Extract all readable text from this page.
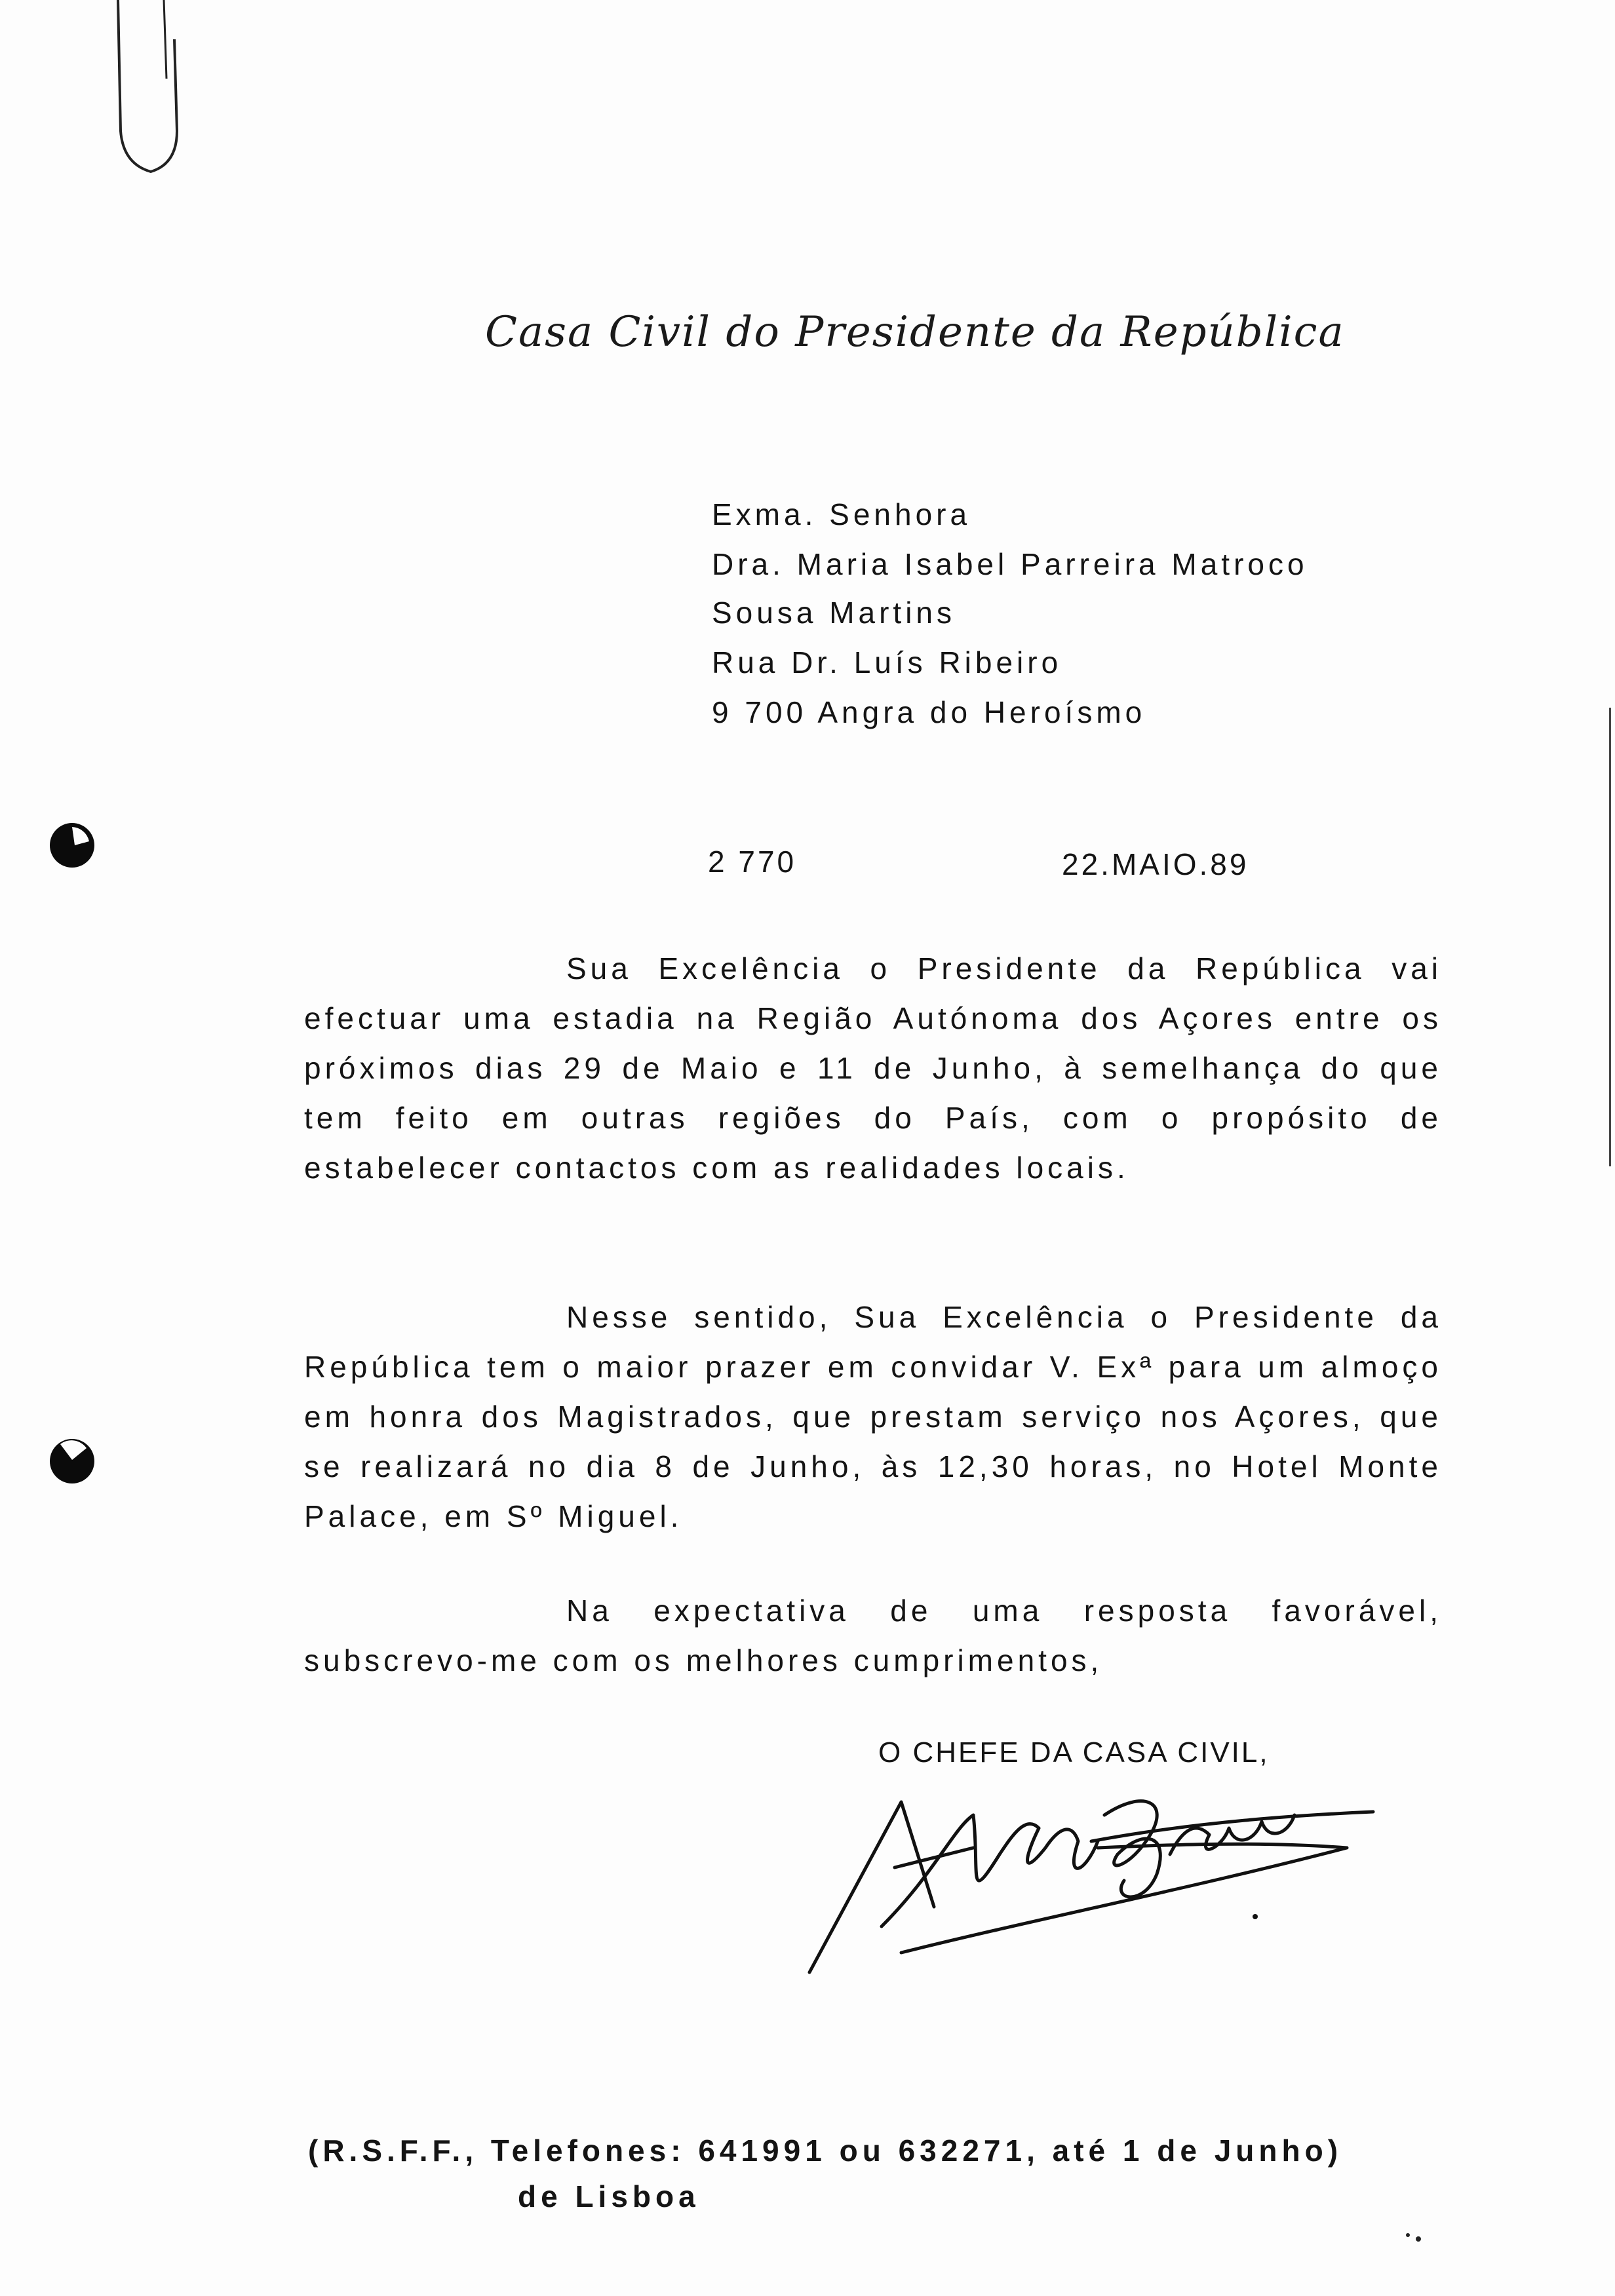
Casa Civil do Presidente da República
Exma. Senhora
Dra. Maria Isabel Parreira Matroco
Sousa Martins
Rua Dr. Luís Ribeiro
9 700 Angra do Heroísmo
2 770	22.MAIO.89

Sua Excelência o Presidente da República vai efectuar uma estadia na Região Autónoma dos Açores entre os próximos dias 29 de Maio e 11 de Junho, à semelhança do que tem feito em outras regiões do País, com o propósito de estabelecer contactos com as realidades locais.

Nesse sentido, Sua Excelência o Presidente da República tem o maior prazer em convidar V. Exª para um almoço em honra dos Magistrados, que prestam serviço nos Açores, que se realizará no dia 8 de Junho, às 12,30 horas, no Hotel Monte Palace, em Sº Miguel.

Na expectativa de uma resposta favorável, subscrevo-me com os melhores cumprimentos,

O CHEFE DA CASA CIVIL,
(R.S.F.F., Telefones: 641991 ou 632271, até 1 de Junho)
de Lisboa
